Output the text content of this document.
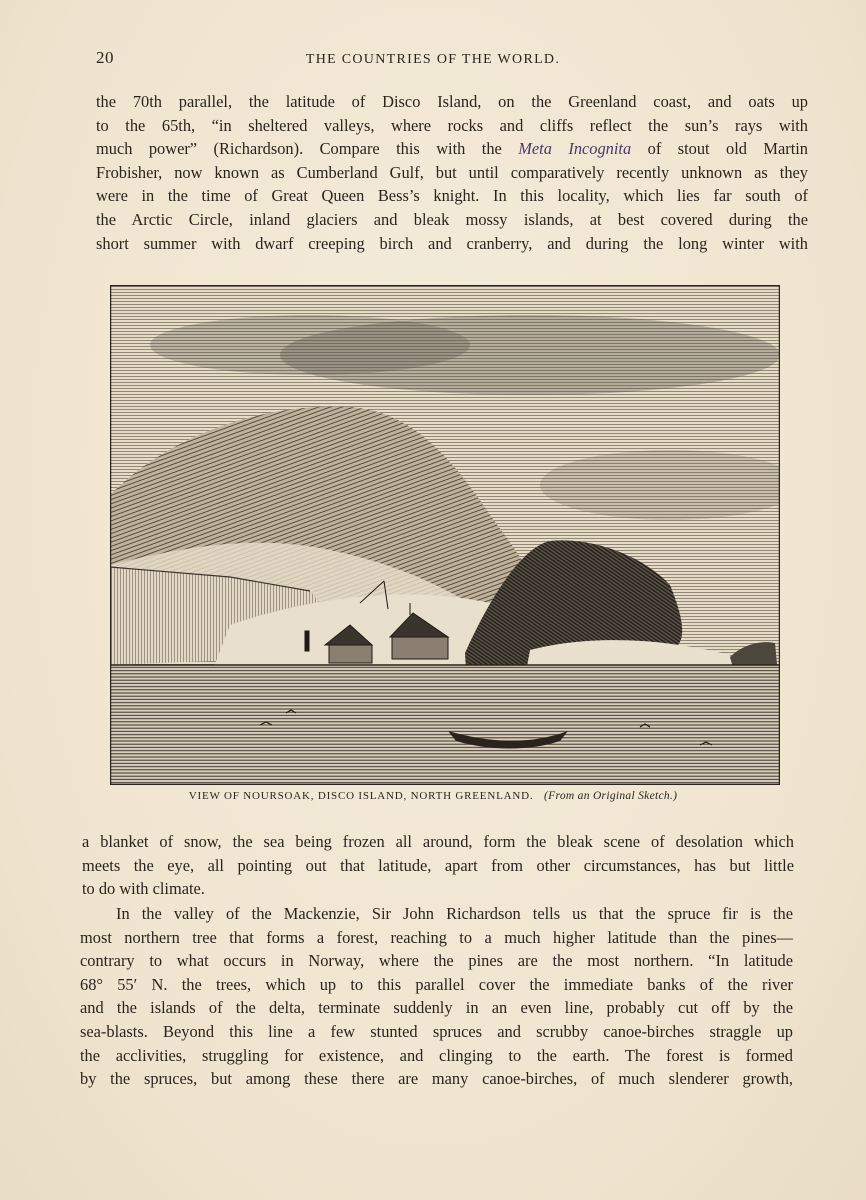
20	THE COUNTRIES OF THE WORLD.
the 70th parallel, the latitude of Disco Island, on the Greenland coast, and oats up
to the 65th, “in sheltered valleys, where rocks and cliffs reflect the sun’s rays with
much power” (Richardson). Compare this with the Meta Incognita of stout old Martin
Frobisher, now known as Cumberland Gulf, but until comparatively recently unknown as they
were in the time of Great Queen Bess’s knight. In this locality, which lies far south of
the Arctic Circle, inland glaciers and bleak mossy islands, at best covered during the
short summer with dwarf creeping birch and cranberry, and during the long winter with
VIEW OF NOURSOAK, DISCO ISLAND, NORTH GREENLAND. (From an Original Sketch.)
a blanket of snow, the sea being frozen all around, form the bleak scene of desolation which
meets the eye, all pointing out that latitude, apart from other circumstances, has but little
to do with climate.
In the valley of the Mackenzie, Sir John Richardson tells us that the spruce fir is the
most northern tree that forms a forest, reaching to a much higher latitude than the pines—
contrary to what occurs in Norway, where the pines are the most northern. “In latitude
68° 55′ N. the trees, which up to this parallel cover the immediate banks of the river
and the islands of the delta, terminate suddenly in an even line, probably cut off by the
sea-blasts. Beyond this line a few stunted spruces and scrubby canoe-birches straggle up
the acclivities, struggling for existence, and clinging to the earth. The forest is formed
by the spruces, but among these there are many canoe-birches, of much slenderer growth,
